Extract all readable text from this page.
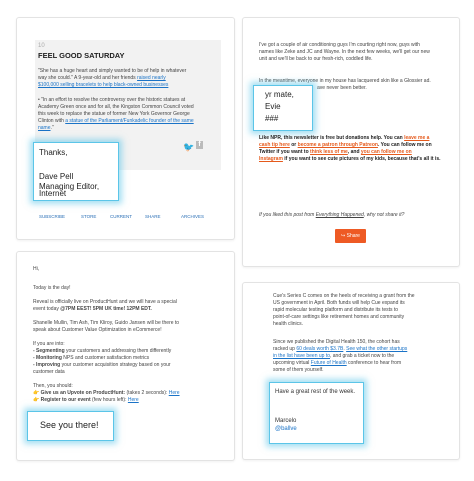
10
FEEL GOOD SATURDAY
"She has a huge heart and simply wanted to be of help in whatever
way she could." A 9-year-old and her friends raised nearly
$100,000 selling bracelets to help black-owned businesses
• "In an effort to resolve the controversy over the historic statues at
Academy Green once and for all, the Kingston Common Council voted
this week to replace the statue of former New York Governor George
Clinton with a statue of the Parliament/Funkadelic founder of the same
name."
🐦 f
Thanks,
Dave Pell
Managing Editor, Internet
SUBSCRIBE	STORE	CURRENT	SHARE	ARCHIVES
I've got a couple of air conditioning guys I'm courting right now, guys with
names like Zeke and JC and Wayne. In the next few weeks, we'll get our new
unit and we'll be back to our fresh-rich, coddled life.
In the meantime, everyone in my house has lacquered skin like a Glossier ad.
ave never been better.
yr mate,
Evie
###
Like NPR, this newsletter is free but donations help. You can leave me a
cash tip here or become a patron through Patreon. You can follow me on
Twitter if you want to think less of me, and you can follow me on
Instagram if you want to see cute pictures of my kids, because that's all it is.
If you liked this post from Everything Happened, why not share it?
↪ Share
Hi,
Today is the day!
Reveal is officially live on ProductHunt and we will have a special
event today @7PM EEST! 5PM UK time! 12PM EDT.
Shanelle Mullin, Tim Ash, Tim Kliroy, Guido Jansen will be there to
speak about Customer Value Optimization in eCommerce!
If you are into:
- Segmenting your customers and addressing them differently
- Monitoring NPS and customer satisfaction metrics
- Improving your customer acquisition strategy based on your
customer data
Then, you should:
👉 Give us an Upvote on ProductHunt: (takes 2 seconds): Here
👉 Register to our event (few hours left): Here
See you there!
Cue's Series C comes on the heels of receiving a grant from the
US government in April. Both funds will help Cue expand its
rapid molecular testing platform and distribute its tests to
point-of-care settings like retirement homes and community
health clinics.
Since we published the Digital Health 150, the cohort has
racked up 60 deals worth $3.7B. See what the other startups
in the list have been up to, and grab a ticket now to the
upcoming virtual Future of Health conference to hear from
some of them yourself.
Have a great rest of the week.
Marcelo
@ballve
